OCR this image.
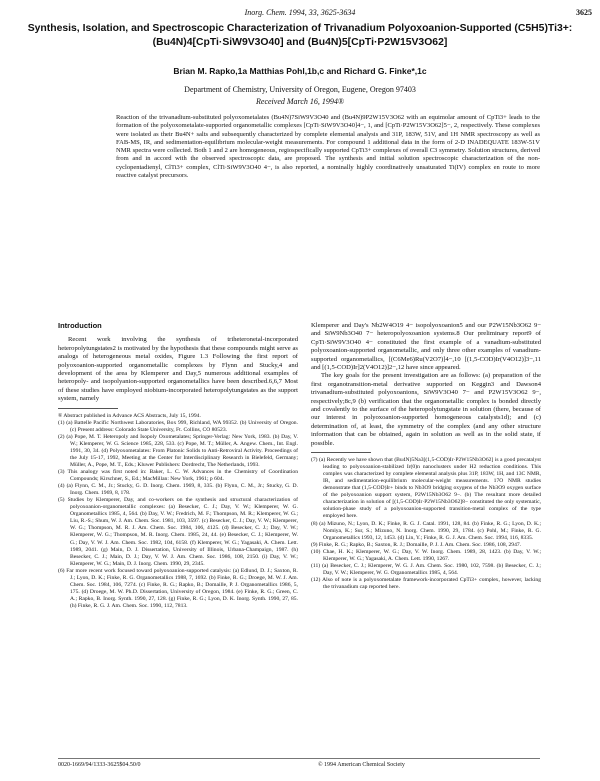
Inorg. Chem. 1994, 33, 3625-3634	3625
Synthesis, Isolation, and Spectroscopic Characterization of Trivanadium Polyoxoanion-Supported (C5H5)Ti3+: (Bu4N)4[CpTi·SiW9V3O40] and (Bu4N)5[CpTi·P2W15V3O62]
Brian M. Rapko,1a Matthias Pohl,1b,c and Richard G. Finke*,1c
Department of Chemistry, University of Oregon, Eugene, Oregon 97403
Received March 16, 1994®
Reaction of the trivanadium-substituted polyoxometalates (Bu4N)7SiW9V3O40 and (Bu4N)9P2W15V3O62 with an equimolar amount of CpTi3+ leads to the formation of the polyoxometalate-supported organometallic complexes [CpTi·SiW9V3O40]4−, 1, and [CpTi·P2W15V3O62]5−, 2, respectively. These complexes were isolated as their Bu4N+ salts and subsequently characterized by complete elemental analysis and 31P, 183W, 51V, and 1H NMR spectroscopy as well as FAB-MS, IR, and sedimentation-equilibrium molecular-weight measurements. For compound 1 additional data in the form of 2-D INADEQUATE 183W-51V NMR spectra were collected. Both 1 and 2 are homogeneous, regiospecifically supported CpTi3+ complexes of overall C3 symmetry. Solution structures, derived from and in accord with the observed spectroscopic data, are proposed. The synthesis and initial solution spectroscopic characterization of the non-cyclopentadienyl, ClTi3+ complex, ClTi·SiW9V3O40 4−, is also reported, a nominally highly coordinatively unsaturated Ti(IV) complex en route to more reactive catalyst precursors.
Introduction

Recent work involving the synthesis of triheteronetal-incorporated heteropolytungstates2 is motivated by the hypothesis that these compounds might serve as analogs of heterogeneous metal oxides, Figure 1.3 Following the first report of polyoxoanion-supported organometallic complexes by Flynn and Stucky,4 and development of the area by Klemperer and Day,5 numerous additional examples of heteropoly- and isopolyanion-supported organometallics have been described.6,6,7 Most of these studies have employed niobium-incorporated heteropolytungstates as the support system, namely

® Abstract published in Advance ACS Abstracts, July 15, 1994.

(1) (a) Battelle Pacific Northwest Laboratories, Box 999, Richland, WA 99352. (b) University of Oregon. (c) Present address: Colorado State University, Ft. Collins, CO 80523.

(2) (a) Pope, M. T. Heteropoly and Isopoly Oxometalates; Springer-Verlag: New York, 1983. (b) Day, V. W.; Klemperer, W. G. Science 1985, 228, 533. (c) Pope, M. T.; Müller, A. Angew. Chem., Int. Engl. 1991, 30, 34. (d) Polyoxometalates: From Platonic Solids to Anti-Retroviral Activity. Proceedings of the July 15-17, 1992, Meeting at the Center for Interdisciplinary Research in Bielefeld, Germany; Müller, A., Pope, M. T., Eds.; Kluwer Publishers: Dordrecht, The Netherlands, 1993.

(3) This analogy was first noted in: Baker, L. C. W. Advances in the Chemistry of Coordination Compounds; Kirschner, S., Ed.; MacMillan: New York, 1961; p 604.

(4) (a) Flynn, C. M., Jr.; Stucky, G. D. Inorg. Chem. 1969, 8, 335. (b) Flynn, C. M., Jr.; Stucky, G. D. Inorg. Chem. 1969, 8, 178.

(5) Studies by Klemperer, Day, and co-workers on the synthesis and structural characterization of polyoxoanion-organometallic complexes: (a) Besecker, C. J.; Day, V. W.; Klemperer, W. G. Organometallics 1985, 4, 564. (b) Day, V. W.; Fredrich, M. F.; Thompson, M. R.; Klemperer, W. G.; Liu, R.-S.; Shum, W. J. Am. Chem. Soc. 1981, 103, 3597. (c) Besecker, C. J.; Day, V. W.; Klemperer, W. G.; Thompson, M. R. J. Am. Chem. Soc. 1984, 106, 4125. (d) Besecker, C. J.; Day, V. W.; Klemperer, W. G.; Thompson, M. R. Inorg. Chem. 1985, 24, 44. (e) Besecker, C. J.; Klemperer, W. G.; Day, V. W. J. Am. Chem. Soc. 1982, 104, 6158. (f) Klemperer, W. G.; Yagasaki, A. Chem. Lett. 1989, 2041. (g) Main, D. J. Dissertation, University of Illinois, Urbana-Champaign, 1987. (h) Besecker, C. J.; Main, D. J.; Day, V. W. J. Am. Chem. Soc. 1986, 108, 2150. (i) Day, V. W.; Klemperer, W. G.; Main, D. J. Inorg. Chem. 1990, 29, 2345.

(6) Far more recent work focused toward polyoxoanion-supported catalysis: (a) Edlund, D. J.; Saxton, R. J.; Lyon, D. K.; Finke, R. G. Organometallics 1988, 7, 1692. (b) Finke, R. G.; Droege, M. W. J. Am. Chem. Soc. 1984, 106, 7274. (c) Finke, R. G.; Rapko, B.; Domaille, P. J. Organometallics 1986, 5, 175. (d) Droege, M. W. Ph.D. Dissertation, University of Oregon, 1984. (e) Finke, R. G.; Green, C. A.; Rapko, B. Inorg. Synth. 1990, 27, 128. (g) Finke, R. G.; Lyon, D. K. Inorg. Synth. 1990, 27, 85. (h) Finke, R. G. J. Am. Chem. Soc. 1990, 112, 7813.

Klemperer and Day's Nb2W4O19 4− isopolyoxoanion5 and our P2W15Nb3O62 9− and SiW9Nb3O40 7− heteropolyoxoanion systems.8 Our preliminary report9 of CpTi·SiW9V3O40 4− constituted the first example of a vanadium-substituted polyoxoanion-supported organometallic, and only three other examples of vanadium-supported organometallics, [(C6Me6)Ru(V2O7)]4−,10 [(1,5-COD)Ir(V4O12)]3−,11 and [(1,5-COD)Ir]2(V4O12)]2−,12 have since appeared.

The key goals for the present investigation are as follows: (a) preparation of the first organotransition-metal derivative supported on Keggin3 and Dawson4 trivanadium-substituted polyoxoanions, SiW9V3O40 7− and P2W15V3O62 9−, respectively;8c,9 (b) verification that the organometallic complex is bonded directly and covalently to the surface of the heteropolytungstate in solution (there, because of our interest in polyoxoanion-supported homogeneous catalysts1d); and (c) determination of, at least, the symmetry of the complex (and any other structure information that can be obtained, again in solution as well as in the solid state, if possible.

(7) (a) Recently we have shown that (Bu4N)5Na3[(1,5-COD)Ir·P2W15Nb3O62] is a good precatalyst leading to polyoxoanion-stabilized Ir(0)n nanoclusters under H2 reduction conditions. This complex was characterized by complete elemental analysis plus 31P, 183W, 1H, and 13C NMR, IR, and sedimentation-equilibrium molecular-weight measurements. 17O NMR studies demonstrate that (1,5-COD)Ir+ binds to Nb3O9 bridging oxygens of the Nb3O9 oxygen surface of the polyoxoanion support system, P2W15Nb3O62 9−. (b) The resultant more detailed characterization in solution of [(1,5-COD)Ir·P2W15Nb3O62]8− constituted the only systematic, solution-phase study of a polyoxoanion-supported transition-metal complex of the type employed here.

(8) (a) Mizuno, N.; Lyon, D. K.; Finke, R. G. J. Catal. 1991, 128, 84. (b) Finke, R. G.; Lyon, D. K.; Nomiya, K.; Sur, S.; Mizuno, N. Inorg. Chem. 1990, 29, 1784. (c) Pohl, M.; Finke, R. G. Organometallics 1993, 12, 1453. (d) Lin, Y.; Finke, R. G. J. Am. Chem. Soc. 1994, 116, 8335.

(9) Finke, R. G.; Rapko, B.; Saxton, R. J.; Domaille, P. J. J. Am. Chem. Soc. 1986, 108, 2947.

(10) Chae, H. K.; Klemperer, W. G.; Day, V. W. Inorg. Chem. 1989, 28, 1423. (b) Day, V. W.; Klemperer, W. G.; Yagasaki, A. Chem. Lett. 1990, 1267.

(11) (a) Besecker, C. J.; Klemperer, W. G. J. Am. Chem. Soc. 1980, 102, 7598. (b) Besecker, C. J.; Day, V. W.; Klemperer, W. G. Organometallics 1985, 4, 564.

(12) Also of note is a polyoxometalate framework-incorporated CpTi3+ complex, however, lacking the trivanadium cap reported here.

0020-1669/94/1333-3625$04.50/0	© 1994 American Chemical Society
